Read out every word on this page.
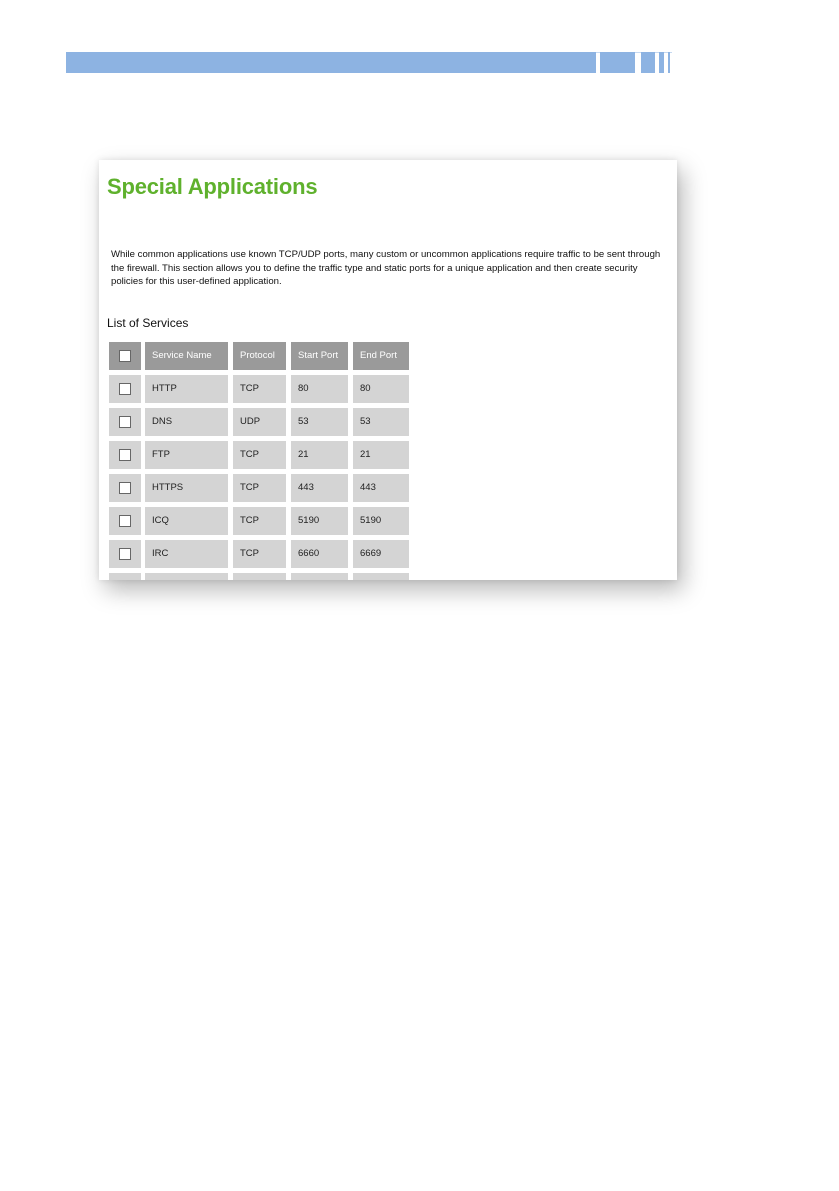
Special Applications
While common applications use known TCP/UDP ports, many custom or uncommon applications require traffic to be sent through the firewall. This section allows you to define the traffic type and static ports for a unique application and then create security policies for this user-defined application.
List of Services
Service Name	Protocol	Start Port	End Port
HTTP	TCP	80	80
DNS	UDP	53	53
FTP	TCP	21	21
HTTPS	TCP	443	443
ICQ	TCP	5190	5190
IRC	TCP	6660	6669
